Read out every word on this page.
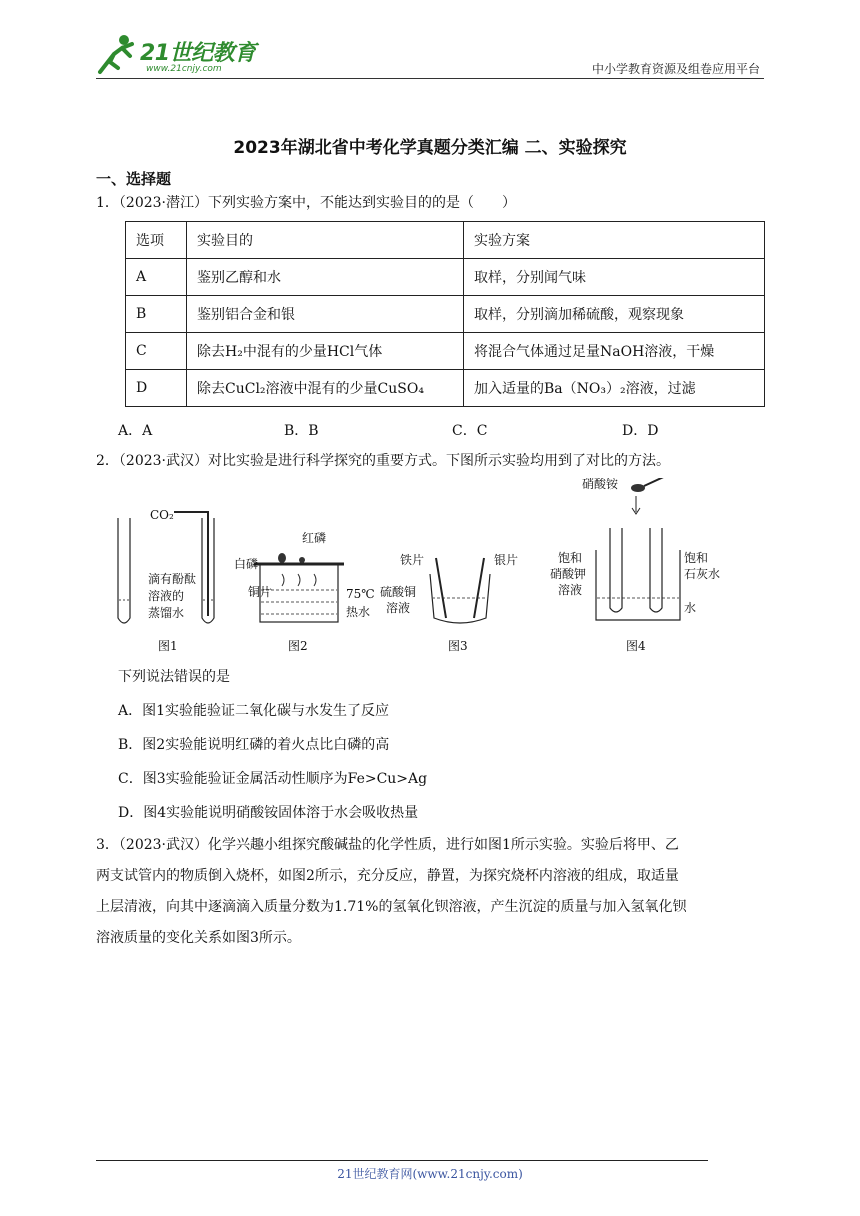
21世纪教育
www.21cnjy.com	中小学教育资源及组卷应用平台
2023年湖北省中考化学真题分类汇编 二、实验探究
一、选择题
1．（2023·潜江）下列实验方案中，不能达到实验目的的是（　　）
选项	实验目的	实验方案
A	鉴别乙醇和水	取样，分别闻气味
B	鉴别铝合金和银	取样，分别滴加稀硫酸，观察现象
C	除去H₂中混有的少量HCl气体	将混合气体通过足量NaOH溶液，干燥
D	除去CuCl₂溶液中混有的少量CuSO₄	加入适量的Ba（NO₃）₂溶液，过滤
A．A	B．B	C．C	D．D
2．（2023·武汉）对比实验是进行科学探究的重要方式。下图所示实验均用到了对比的方法。
CO₂
滴有酚酞
溶液的
蒸馏水
图1
白磷
红磷
铜片	75℃
热水
图2
铁片	银片
硫酸铜
溶液
图3
硝酸铵
饱和
硝酸钾
溶液
饱和
石灰水
水
图4
下列说法错误的是
A．图1实验能验证二氧化碳与水发生了反应
B．图2实验能说明红磷的着火点比白磷的高
C．图3实验能验证金属活动性顺序为Fe>Cu>Ag
D．图4实验能说明硝酸铵固体溶于水会吸收热量
3．（2023·武汉）化学兴趣小组探究酸碱盐的化学性质，进行如图1所示实验。实验后将甲、乙
两支试管内的物质倒入烧杯，如图2所示，充分反应，静置，为探究烧杯内溶液的组成，取适量
上层清液，向其中逐滴滴入质量分数为1.71%的氢氧化钡溶液，产生沉淀的质量与加入氢氧化钡
溶液质量的变化关系如图3所示。
21世纪教育网(www.21cnjy.com)
